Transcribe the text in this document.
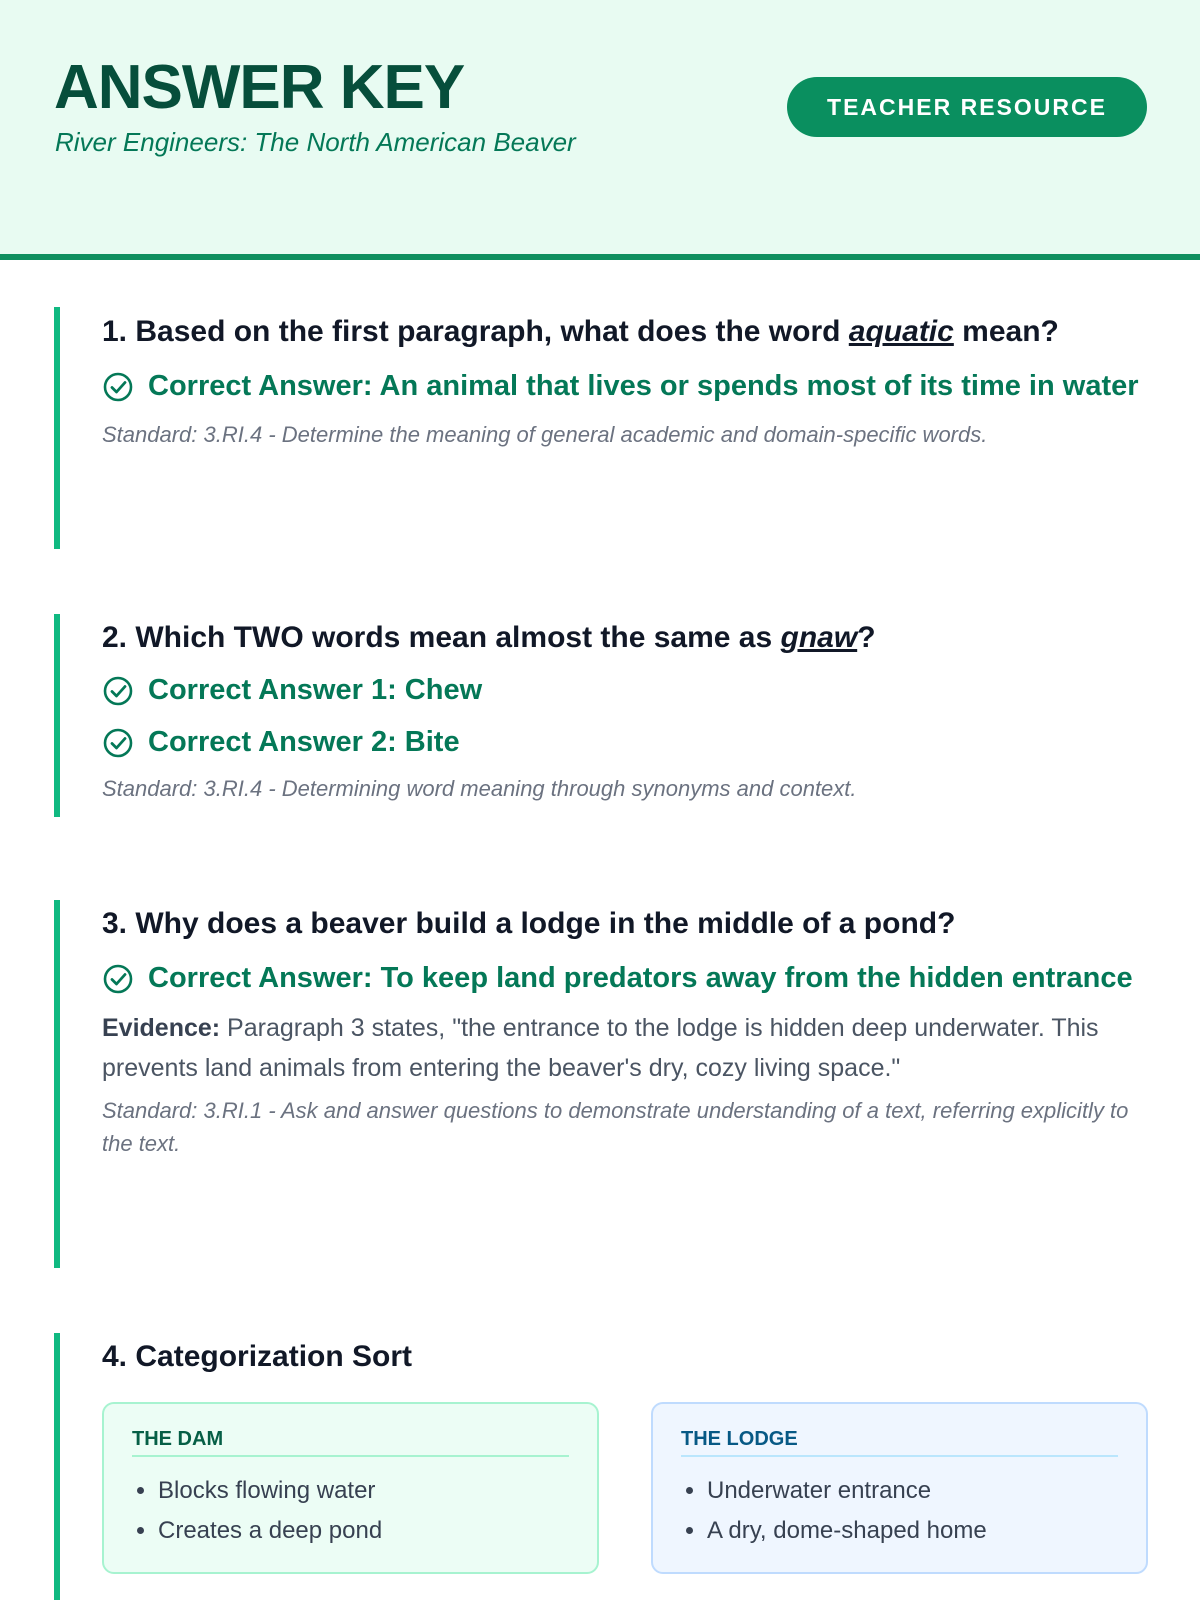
ANSWER KEY
River Engineers: The North American Beaver
TEACHER RESOURCE
1. Based on the first paragraph, what does the word aquatic mean?
Correct Answer: An animal that lives or spends most of its time in water
Standard: 3.RI.4 - Determine the meaning of general academic and domain-specific words.
2. Which TWO words mean almost the same as gnaw?
Correct Answer 1: Chew
Correct Answer 2: Bite
Standard: 3.RI.4 - Determining word meaning through synonyms and context.
3. Why does a beaver build a lodge in the middle of a pond?
Correct Answer: To keep land predators away from the hidden entrance
Evidence: Paragraph 3 states, "the entrance to the lodge is hidden deep underwater. This prevents land animals from entering the beaver's dry, cozy living space."
Standard: 3.RI.1 - Ask and answer questions to demonstrate understanding of a text, referring explicitly to the text.
4. Categorization Sort
THE DAM
• Blocks flowing water
• Creates a deep pond
THE LODGE
• Underwater entrance
• A dry, dome-shaped home
